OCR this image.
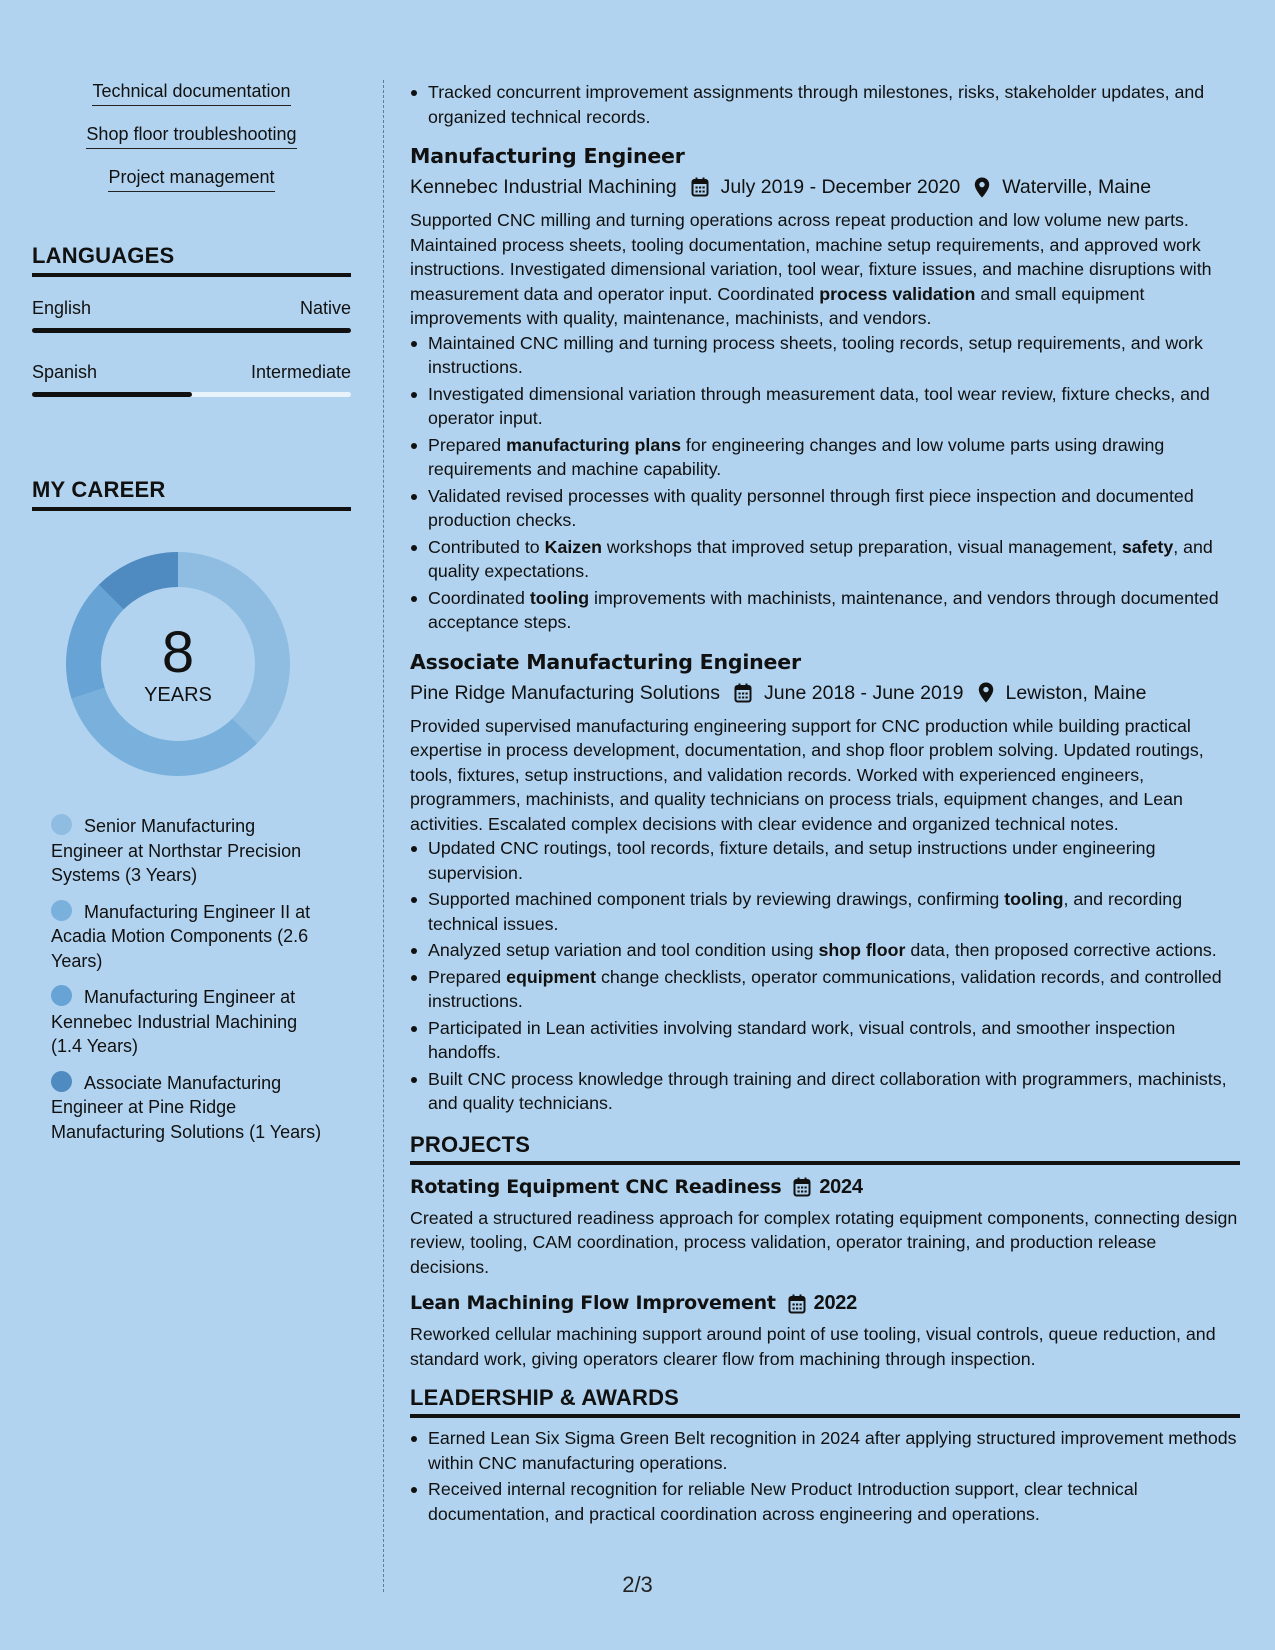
Technical documentation
Shop floor troubleshooting
Project management
LANGUAGES
English	Native
Spanish	Intermediate
MY CAREER
8
YEARS
Senior Manufacturing Engineer at Northstar Precision Systems (3 Years)
Manufacturing Engineer II at Acadia Motion Components (2.6 Years)
Manufacturing Engineer at Kennebec Industrial Machining (1.4 Years)
Associate Manufacturing Engineer at Pine Ridge Manufacturing Solutions (1 Years)
Tracked concurrent improvement assignments through milestones, risks, stakeholder updates, and organized technical records.
Manufacturing Engineer
Kennebec Industrial Machining July 2019 - December 2020 Waterville, Maine
Supported CNC milling and turning operations across repeat production and low volume new parts. Maintained process sheets, tooling documentation, machine setup requirements, and approved work instructions. Investigated dimensional variation, tool wear, fixture issues, and machine disruptions with measurement data and operator input. Coordinated process validation and small equipment improvements with quality, maintenance, machinists, and vendors.
Maintained CNC milling and turning process sheets, tooling records, setup requirements, and work instructions.
Investigated dimensional variation through measurement data, tool wear review, fixture checks, and operator input.
Prepared manufacturing plans for engineering changes and low volume parts using drawing requirements and machine capability.
Validated revised processes with quality personnel through first piece inspection and documented production checks.
Contributed to Kaizen workshops that improved setup preparation, visual management, safety, and quality expectations.
Coordinated tooling improvements with machinists, maintenance, and vendors through documented acceptance steps.
Associate Manufacturing Engineer
Pine Ridge Manufacturing Solutions June 2018 - June 2019 Lewiston, Maine
Provided supervised manufacturing engineering support for CNC production while building practical expertise in process development, documentation, and shop floor problem solving. Updated routings, tools, fixtures, setup instructions, and validation records. Worked with experienced engineers, programmers, machinists, and quality technicians on process trials, equipment changes, and Lean activities. Escalated complex decisions with clear evidence and organized technical notes.
Updated CNC routings, tool records, fixture details, and setup instructions under engineering supervision.
Supported machined component trials by reviewing drawings, confirming tooling, and recording technical issues.
Analyzed setup variation and tool condition using shop floor data, then proposed corrective actions.
Prepared equipment change checklists, operator communications, validation records, and controlled instructions.
Participated in Lean activities involving standard work, visual controls, and smoother inspection handoffs.
Built CNC process knowledge through training and direct collaboration with programmers, machinists, and quality technicians.
PROJECTS
Rotating Equipment CNC Readiness 2024
Created a structured readiness approach for complex rotating equipment components, connecting design review, tooling, CAM coordination, process validation, operator training, and production release decisions.
Lean Machining Flow Improvement 2022
Reworked cellular machining support around point of use tooling, visual controls, queue reduction, and standard work, giving operators clearer flow from machining through inspection.
LEADERSHIP & AWARDS
Earned Lean Six Sigma Green Belt recognition in 2024 after applying structured improvement methods within CNC manufacturing operations.
Received internal recognition for reliable New Product Introduction support, clear technical documentation, and practical coordination across engineering and operations.
2/3
